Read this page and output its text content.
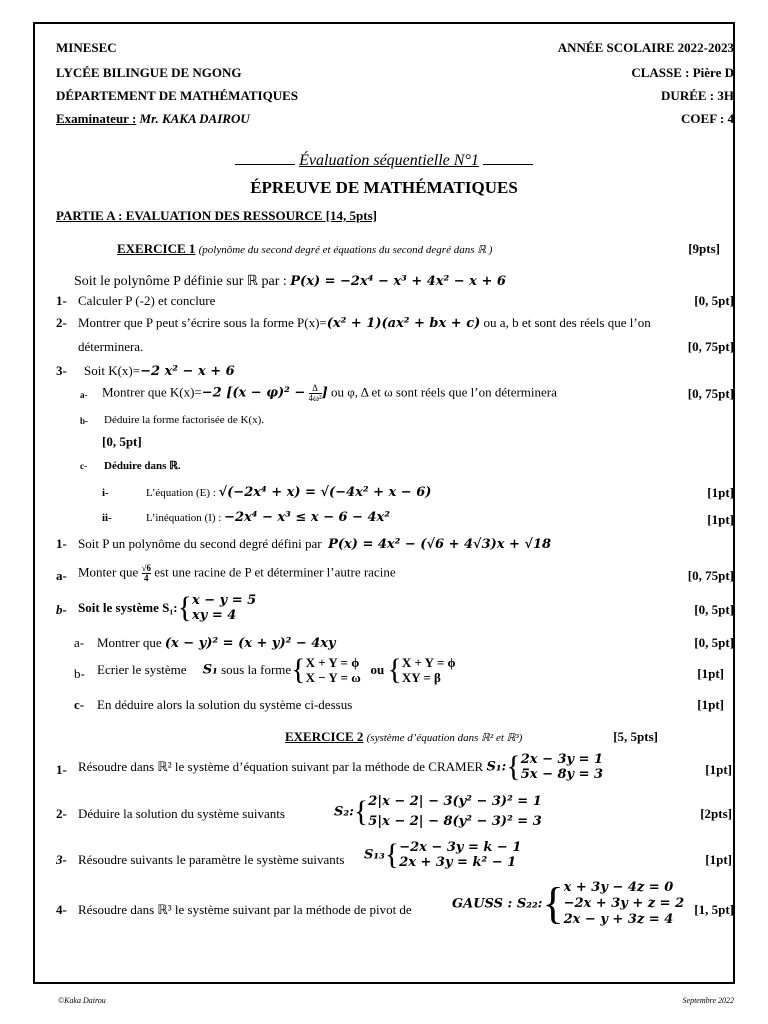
MINESEC
LYCÉE BILINGUE DE NGONG
DÉPARTEMENT DE MATHÉMATIQUES
Examinateur : Mr. KAKA DAIROU
ANNÉE SCOLAIRE 2022-2023
CLASSE : Pière D
DURÉE : 3H
COEF : 4
Évaluation séquentielle N°1
ÉPREUVE DE MATHÉMATIQUES
PARTIE A : EVALUATION DES RESSOURCE [14, 5pts]
EXERCICE 1 (polynôme du second degré et équations du second degré dans ℝ )	[9pts]
Soit le polynôme P définie sur ℝ par : P(x) = −2x⁴ − x³ + 4x² − x + 6
1- Calculer P (-2) et conclure	[0, 5pt]
2- Montrer que P peut s’écrire sous la forme P(x)=(x² + 1)(ax² + bx + c) ou a, b et sont des réels que l’on
déterminera.	[0, 75pt]
3- Soit K(x)=−2 x² − x + 6
a- Montrer que K(x)=−2 [$(x - \varphi)^2 - \frac{\Delta}{\text{4ω²}}$ ] ou φ, Δ et ω sont réels que l’on déterminera	[0, 75pt]
b- Déduire la forme factorisée de K(x).
[0, 5pt]
c- Déduire dans ℝ.
i-	L’équation (E) : √(−2x⁴ + x) = √(−4x² + x − 6)	[1pt]
ii-	L’inéquation (I) : −2x⁴ − x³ ≤ x − 6 − 4x²	[1pt]
1- Soit P un polynôme du second degré défini par P(x) = 4x² − (√6 + 4√3)x + √18
a- Monter que $\frac{√6}{4}$ est une racine de P et déterminer l’autre racine	[0, 75pt]
b- Soit le système S₁:{ x − y = 5
xy = 4	[0, 5pt]
a- Montrer que (x − y)² = (x + y)² − 4xy	[0, 5pt]
b- Ecrier le système S₁ sous la forme{ X + Y = ϕ
X − Y = ω
ou { X + Y = ϕ
XY = β	[1pt]
c- En déduire alors la solution du système ci-dessus	[1pt]
EXERCICE 2 (système d’équation dans ℝ² et ℝ³)	[5, 5pts]
1- Résoudre dans ℝ² le système d’équation suivant par la méthode de CRAMER S₁:{ 2x − 3y = 1
5x − 8y = 3	[1pt]
2- Déduire la solution du système suivants	S₂:{ 2|x − 2| − 3(y² − 3)² = 1
5|x − 2| − 8(y² − 3)² = 3
[2pts]
3- Résoudre suivants le paramètre le système suivants S₁₃{ −2x − 3y = k − 1
2x + 3y = k² − 1	[1pt]
4- Résoudre dans ℝ³ le système suivant par la méthode de pivot de	GAUSS : S₂₂:{ x + 3y − 4z = 0
−2x + 3y + z = 2
2x − y + 3z = 4
[1, 5pt]
©Kaka Dairou	Septembre 2022
